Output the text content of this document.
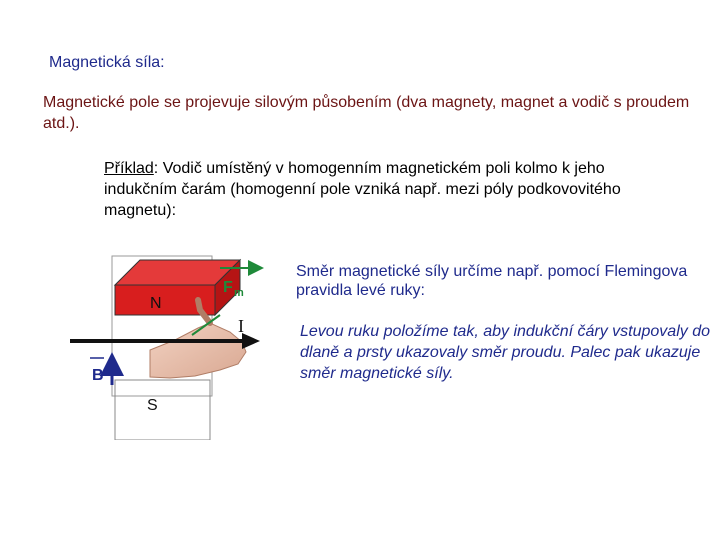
Magnetická síla:
Magnetické pole se projevuje silovým působením (dva magnety, magnet a vodič s proudem atd.).
Příklad: Vodič umístěný v homogenním magnetickém poli kolmo k jeho indukčním čarám (homogenní pole vzniká např. mezi póly podkovovitého magnetu):
N
S
B
F m
I
Směr magnetické síly určíme např. pomocí Flemingova pravidla levé ruky:
Levou ruku položíme tak, aby indukční čáry vstupovaly do dlaně a prsty ukazovaly směr proudu. Palec pak ukazuje směr magnetické síly.
